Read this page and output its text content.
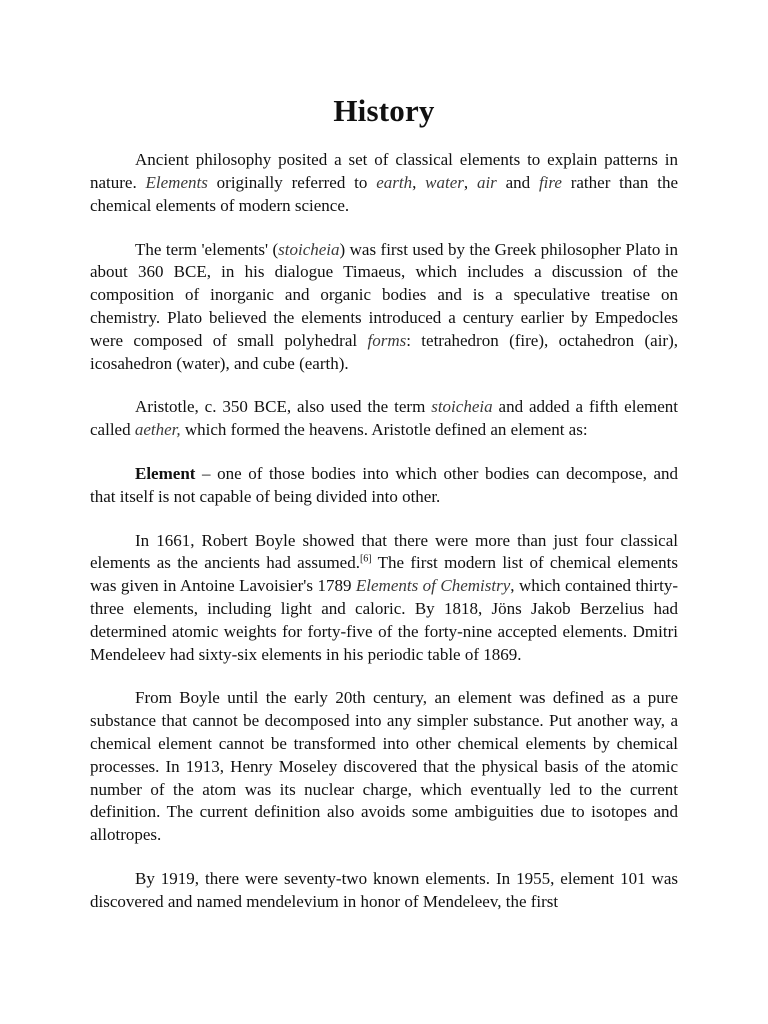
History

Ancient philosophy posited a set of classical elements to explain patterns in nature. Elements originally referred to earth, water, air and fire rather than the chemical elements of modern science.

The term 'elements' (stoicheia) was first used by the Greek philosopher Plato in about 360 BCE, in his dialogue Timaeus, which includes a discussion of the composition of inorganic and organic bodies and is a speculative treatise on chemistry. Plato believed the elements introduced a century earlier by Empedocles were composed of small polyhedral forms: tetrahedron (fire), octahedron (air), icosahedron (water), and cube (earth).

Aristotle, c. 350 BCE, also used the term stoicheia and added a fifth element called aether, which formed the heavens. Aristotle defined an element as:

Element – one of those bodies into which other bodies can decompose, and that itself is not capable of being divided into other.

In 1661, Robert Boyle showed that there were more than just four classical elements as the ancients had assumed.[6] The first modern list of chemical elements was given in Antoine Lavoisier's 1789 Elements of Chemistry, which contained thirty-three elements, including light and caloric. By 1818, Jöns Jakob Berzelius had determined atomic weights for forty-five of the forty-nine accepted elements. Dmitri Mendeleev had sixty-six elements in his periodic table of 1869.

From Boyle until the early 20th century, an element was defined as a pure substance that cannot be decomposed into any simpler substance. Put another way, a chemical element cannot be transformed into other chemical elements by chemical processes. In 1913, Henry Moseley discovered that the physical basis of the atomic number of the atom was its nuclear charge, which eventually led to the current definition. The current definition also avoids some ambiguities due to isotopes and allotropes.

By 1919, there were seventy-two known elements. In 1955, element 101 was discovered and named mendelevium in honor of Mendeleev, the first
